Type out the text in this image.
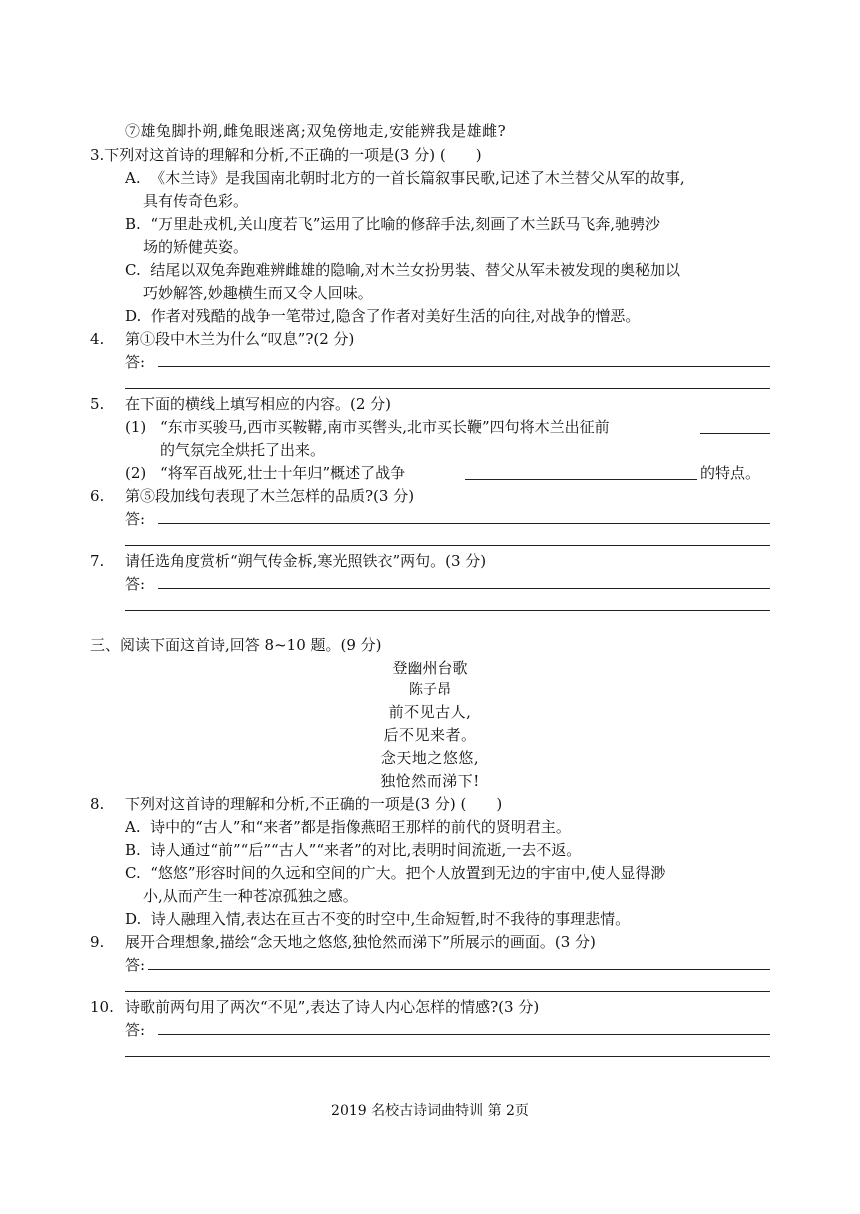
⑦雄兔脚扑朔,雌兔眼迷离;双兔傍地走,安能辨我是雄雌?
3.下列对这首诗的理解和分析,不正确的一项是(3 分) (　　)
A.  《木兰诗》是我国南北朝时北方的一首长篇叙事民歌,记述了木兰替父从军的故事,
具有传奇色彩。
B.  “万里赴戎机,关山度若飞”运用了比喻的修辞手法,刻画了木兰跃马飞奔,驰骋沙
场的矫健英姿。
C.  结尾以双兔奔跑难辨雌雄的隐喻,对木兰女扮男装、替父从军未被发现的奥秘加以
巧妙解答,妙趣横生而又令人回味。
D.  作者对残酷的战争一笔带过,隐含了作者对美好生活的向往,对战争的憎恶。
4. 第①段中木兰为什么“叹息”?(2 分)
答:
5. 在下面的横线上填写相应的内容。(2 分)
(1) “东市买骏马,西市买鞍鞯,南市买辔头,北市买长鞭”四句将木兰出征前
的气氛完全烘托了出来。
(2) “将军百战死,壮士十年归”概述了战争	的特点。
6. 第⑤段加线句表现了木兰怎样的品质?(3 分)
答:
7. 请任选角度赏析“朔气传金柝,寒光照铁衣”两句。(3 分)
答:
三、阅读下面这首诗,回答 8~10 题。(9 分)
登幽州台歌
陈子昂
前不见古人,
后不见来者。
念天地之悠悠,
独怆然而涕下!
8. 下列对这首诗的理解和分析,不正确的一项是(3 分) (　　)
A.  诗中的“古人”和“来者”都是指像燕昭王那样的前代的贤明君主。
B.  诗人通过“前”“后”“古人”“来者”的对比,表明时间流逝,一去不返。
C.  “悠悠”形容时间的久远和空间的广大。把个人放置到无边的宇宙中,使人显得渺
小,从而产生一种苍凉孤独之感。
D.  诗人融理入情,表达在亘古不变的时空中,生命短暂,时不我待的事理悲情。
9. 展开合理想象,描绘“念天地之悠悠,独怆然而涕下”所展示的画面。(3 分)
答:
10. 诗歌前两句用了两次“不见”,表达了诗人内心怎样的情感?(3 分)
答:
2019 名校古诗词曲特训 第 2页
